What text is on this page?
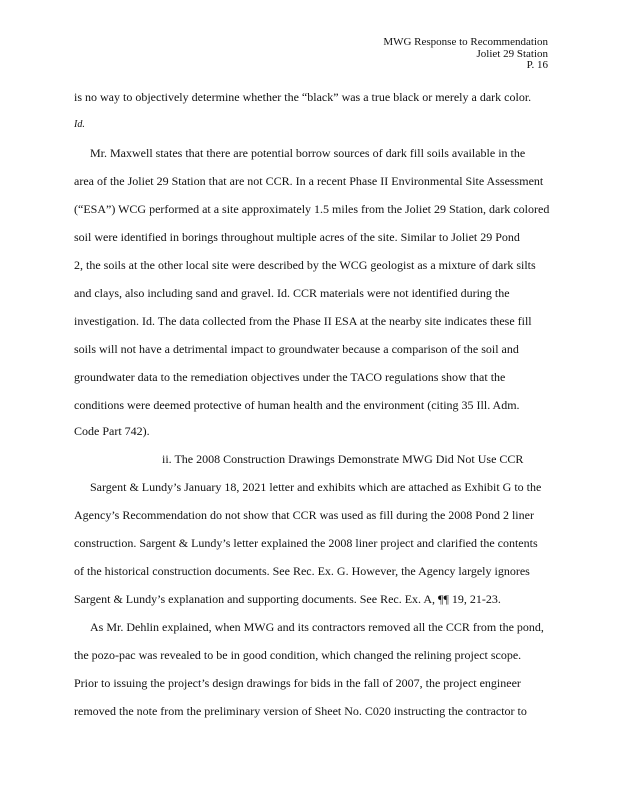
MWG Response to Recommendation
Joliet 29 Station
P. 16
is no way to objectively determine whether the “black” was a true black or merely a dark color.
Id.
Mr. Maxwell states that there are potential borrow sources of dark fill soils available in the
area of the Joliet 29 Station that are not CCR. In a recent Phase II Environmental Site Assessment
(“ESA”) WCG performed at a site approximately 1.5 miles from the Joliet 29 Station, dark colored
soil were identified in borings throughout multiple acres of the site. Similar to Joliet 29 Pond
2, the soils at the other local site were described by the WCG geologist as a mixture of dark silts
and clays, also including sand and gravel. Id. CCR materials were not identified during the
investigation. Id. The data collected from the Phase II ESA at the nearby site indicates these fill
soils will not have a detrimental impact to groundwater because a comparison of the soil and
groundwater data to the remediation objectives under the TACO regulations show that the
conditions were deemed protective of human health and the environment (citing 35 Ill. Adm.
Code Part 742).
ii. The 2008 Construction Drawings Demonstrate MWG Did Not Use CCR
Sargent & Lundy’s January 18, 2021 letter and exhibits which are attached as Exhibit G to the
Agency’s Recommendation do not show that CCR was used as fill during the 2008 Pond 2 liner
construction. Sargent & Lundy’s letter explained the 2008 liner project and clarified the contents
of the historical construction documents. See Rec. Ex. G. However, the Agency largely ignores
Sargent & Lundy’s explanation and supporting documents. See Rec. Ex. A, ¶¶ 19, 21-23.
As Mr. Dehlin explained, when MWG and its contractors removed all the CCR from the pond,
the pozo-pac was revealed to be in good condition, which changed the relining project scope.
Prior to issuing the project’s design drawings for bids in the fall of 2007, the project engineer
removed the note from the preliminary version of Sheet No. C020 instructing the contractor to
